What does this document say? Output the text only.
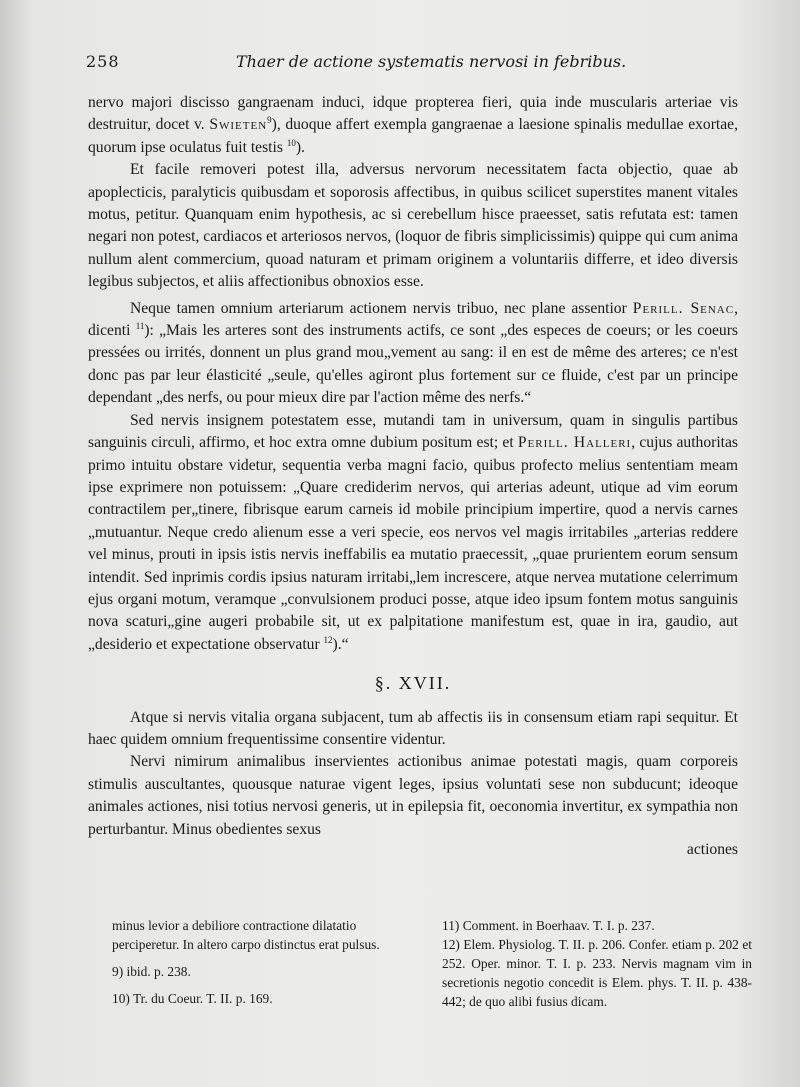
258	Thaer de actione systematis nervosi in febribus.

nervo majori discisso gangraenam induci, idque propterea fieri, quia inde muscularis arteriae vis destruitur, docet v. Swieten$^9$), duoque affert exempla gangraenae a laesione spinalis medullae exortae, quorum ipse oculatus fuit testis $^{10}$).

Et facile removeri potest illa, adversus nervorum necessitatem facta objectio, quae ab apoplecticis, paralyticis quibusdam et soporosis affectibus, in quibus scilicet superstites manent vitales motus, petitur. Quanquam enim hypothesis, ac si cerebellum hisce praeesset, satis refutata est: tamen negari non potest, cardiacos et arteriosos nervos, (loquor de fibris simplicissimis) quippe qui cum anima nullum alent commercium, quoad naturam et primam originem a voluntariis differre, et ideo diversis legibus subjectos, et aliis affectionibus obnoxios esse.

Neque tamen omnium arteriarum actionem nervis tribuo, nec plane assentior Perill. Senac, dicenti $^{11}$): „Mais les arteres sont des instruments actifs, ce sont „des especes de coeurs; or les coeurs pressées ou irrités, donnent un plus grand mou„vement au sang: il en est de même des arteres; ce n'est donc pas par leur élasticité „seule, qu'elles agiront plus fortement sur ce fluide, c'est par un principe dependant „des nerfs, ou pour mieux dire par l'action même des nerfs.“

Sed nervis insignem potestatem esse, mutandi tam in universum, quam in singulis partibus sanguinis circuli, affirmo, et hoc extra omne dubium positum est; et Perill. Halleri, cujus authoritas primo intuitu obstare videtur, sequentia verba magni facio, quibus profecto melius sententiam meam ipse exprimere non potuissem: „Quare crediderim nervos, qui arterias adeunt, utique ad vim eorum contractilem per„tinere, fibrisque earum carneis id mobile principium impertire, quod a nervis carnes „mutuantur. Neque credo alienum esse a veri specie, eos nervos vel magis irritabiles „arterias reddere vel minus, prouti in ipsis istis nervis ineffabilis ea mutatio praecessit, „quae prurientem eorum sensum intendit. Sed inprimis cordis ipsius naturam irritabi„lem increscere, atque nervea mutatione celerrimum ejus organi motum, veramque „convulsionem produci posse, atque ideo ipsum fontem motus sanguinis nova scaturi„gine augeri probabile sit, ut ex palpitatione manifestum est, quae in ira, gaudio, aut „desiderio et expectatione observatur $^{12}$).“

§. XVII.

Atque si nervis vitalia organa subjacent, tum ab affectis iis in consensum etiam rapi sequitur. Et haec quidem omnium frequentissime consentire videntur.

Nervi nimirum animalibus inservientes actionibus animae potestati magis, quam corporeis stimulis auscultantes, quousque naturae vigent leges, ipsius voluntati sese non subducunt; ideoque animales actiones, nisi totius nervosi generis, ut in epilepsia fit, oeconomia invertitur, ex sympathia non perturbantur. Minus obedientes sexus

actiones
minus levior a debiliore contractione dilatatio perciperetur. In altero carpo distinctus erat pulsus.
9) ibid. p. 238.
10) Tr. du Coeur. T. II. p. 169.
11) Comment. in Boerhaav. T. I. p. 237.
12) Elem. Physiolog. T. II. p. 206. Confer. etiam p. 202 et 252. Oper. minor. T. I. p. 233. Nervis magnam vim in secretionis negotio concedit is Elem. phys. T. II. p. 438-442; de quo alibi fusius dicam.
